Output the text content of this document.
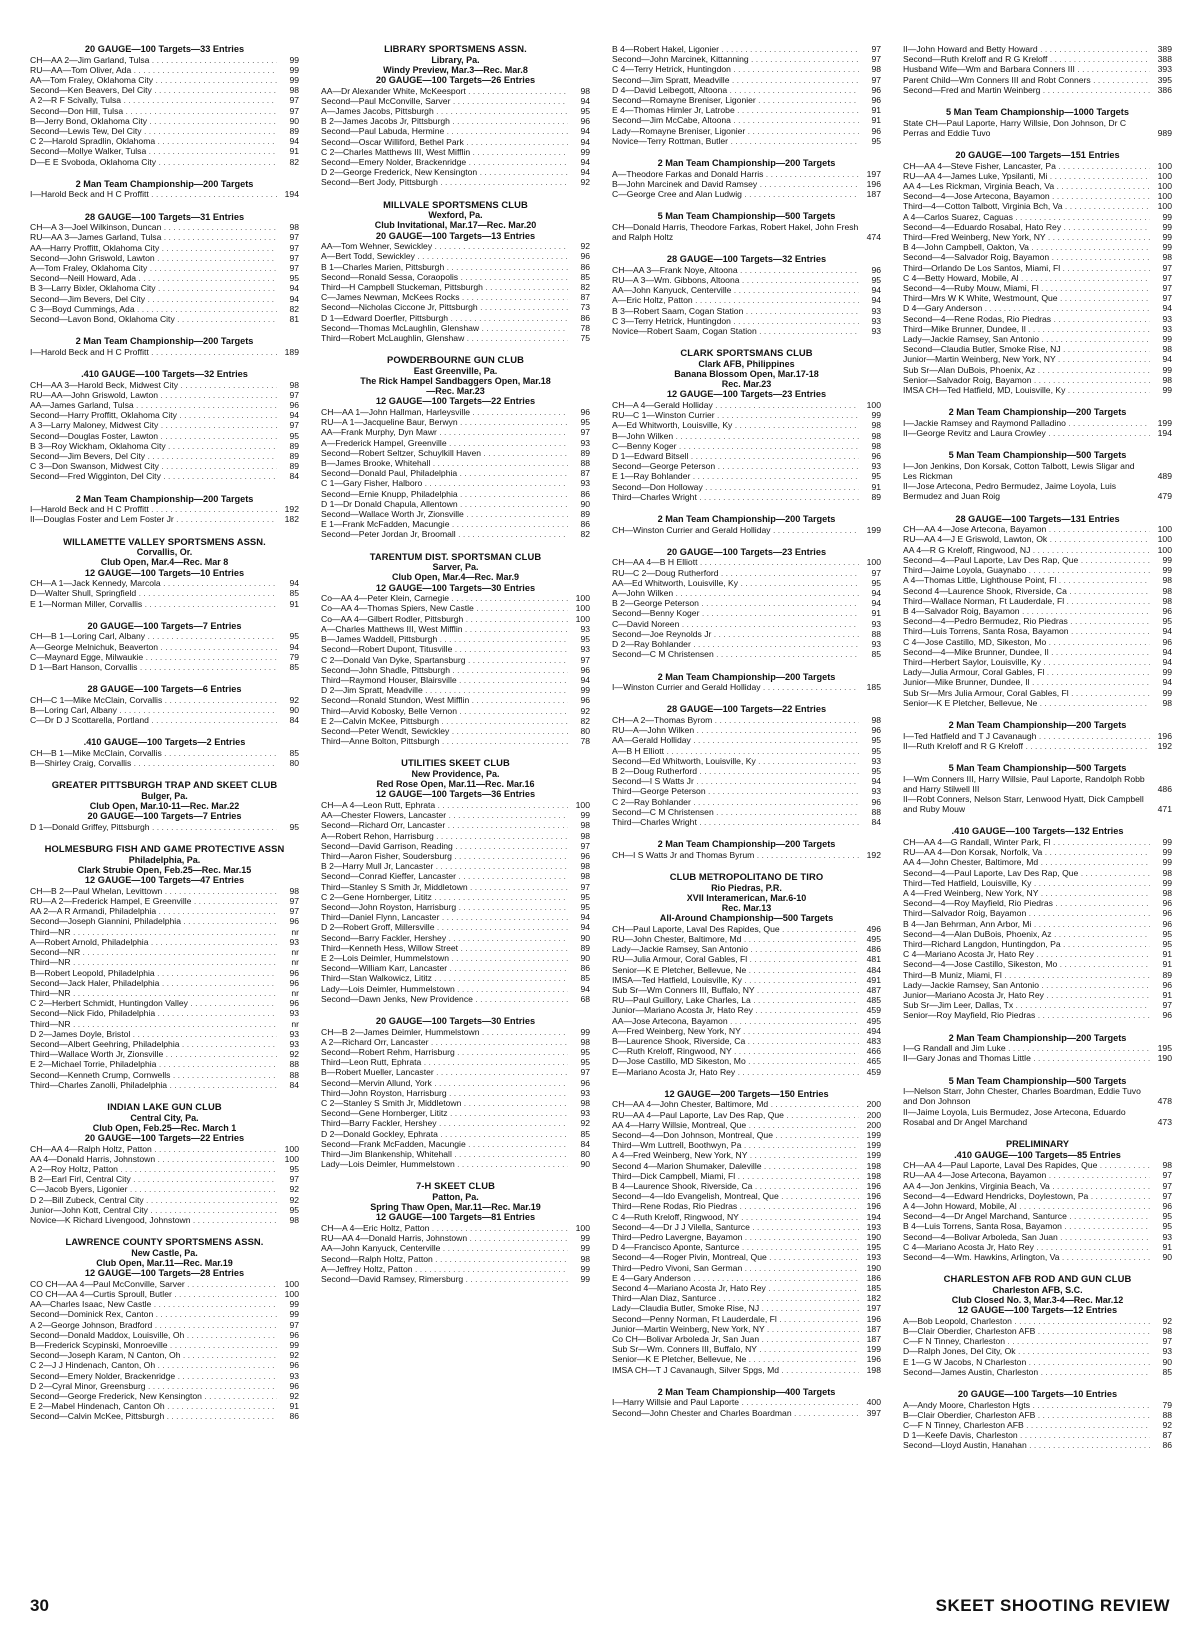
20 GAUGE—100 Targets—33 Entries
CH—AA 2—Jim Garland, Tulsa . . .	99
RU—AA—Tom Oliver, Ada . . .	99
AA—Tom Fraley, Oklahoma City . . .	99
Second—Ken Beavers, Del City . . .	98
A 2—R F Scivally, Tulsa . . .	97
Second—Don Hill, Tulsa . . .	97
B—Jerry Bond, Oklahoma City . . .	90
Second—Lewis Tew, Del City . . .	89
C 2—Harold Spradlin, Oklahoma . . .	94
Second—Mollye Walker, Tulsa . . .	91
D—E E Svoboda, Oklahoma City . . .	82
2 Man Team Championship—200 Targets
I—Harold Beck and H C Proffitt . . .	194
28 GAUGE—100 Targets—31 Entries
CH—A 3—Joel Wilkinson, Duncan . . .	98
RU—AA 3—James Garland, Tulsa . . .	97
AA—Harry Proffitt, Oklahoma City . . .	97
Second—John Griswold, Lawton . . .	97
A—Tom Fraley, Oklahoma City . . .	97
Second—Neill Howard, Ada . . .	95
B 3—Larry Bixler, Oklahoma City . . .	94
Second—Jim Bevers, Del City . . .	94
C 3—Boyd Cummings, Ada . . .	82
Second—Lavon Bond, Oklahoma City . . .	81
2 Man Team Championship—200 Targets
I—Harold Beck and H C Proffitt . . .	189
.410 GAUGE—100 Targets—32 Entries
CH—AA 3—Harold Beck, Midwest City . . .	98
RU—AA—John Griswold, Lawton . . .	97
AA—James Garland, Tulsa . . .	96
Second—Harry Proffitt, Oklahoma City . . .	94
A 3—Larry Maloney, Midwest City . . .	97
Second—Douglas Foster, Lawton . . .	95
B 3—Roy Wickham, Oklahoma City . . .	89
Second—Jim Bevers, Del City . . .	89
C 3—Don Swanson, Midwest City . . .	89
Second—Fred Wigginton, Del City . . .	84
2 Man Team Championship—200 Targets
I—Harold Beck and H C Proffitt . . .	192
II—Douglas Foster and Lem Foster Jr . . .	182
WILLAMETTE VALLEY SPORTSMENS ASSN.
Corvallis, Or.
Club Open, Mar.4—Rec. Mar 8
12 GAUGE—100 Targets—10 Entries
CH—A 1—Jack Kennedy, Marcola . . .	94
D—Walter Shull, Springfield . . .	85
E 1—Norman Miller, Corvallis . . .	91
20 GAUGE—100 Targets—7 Entries
CH—B 1—Loring Carl, Albany . . .	95
A—George Melnichuk, Beaverton . . .	94
C—Maynard Egge, Milwaukie . . .	79
D 1—Bart Hanson, Corvallis . . .	85
28 GAUGE—100 Targets—6 Entries
CH—C 1—Mike McClain, Corvallis . . .	92
B—Loring Carl, Albany . . .	90
C—Dr D J Scottarella, Portland . . .	84
.410 GAUGE—100 Targets—2 Entries
CH—B 1—Mike McClain, Corvallis . . .	85
B—Shirley Craig, Corvallis . . .	80
GREATER PITTSBURGH TRAP AND SKEET CLUB
Bulger, Pa.
Club Open, Mar.10-11—Rec. Mar.22
20 GAUGE—100 Targets—7 Entries
D 1—Donald Griffey, Pittsburgh . . .	95
HOLMESBURG FISH AND GAME PROTECTIVE ASSN
Philadelphia, Pa.
Clark Strubie Open, Feb.25—Rec. Mar.15
12 GAUGE—100 Targets—47 Entries
CH—B 2—Paul Whelan, Levittown . . .	98
RU—A 2—Frederick Hampel, E Greenville . . .	97
AA 2—A R Armandi, Philadelphia . . .	97
Second—Joseph Giannini, Philadelphia . . .	96
Third—NR . . .	nr
A—Robert Arnold, Philadelphia . . .	93
Second—NR . . .	nr
Third—NR . . .	nr
B—Robert Leopold, Philadelphia . . .	96
Second—Jack Haler, Philadelphia . . .	96
Third—NR . . .	nr
C 2—Herbert Schmidt, Huntingdon Valley . . .	96
Second—Nick Fido, Philadelphia . . .	93
Third—NR . . .	nr
D 2—James Doyle, Bristol . . .	93
Second—Albert Geehring, Philadelphia . . .	93
Third—Wallace Worth Jr, Zionsville . . .	92
E 2—Michael Torrie, Philadelphia . . .	88
Second—Kenneth Crump, Cornwells . . .	88
Third—Charles Zanolli, Philadelphia . . .	84
INDIAN LAKE GUN CLUB
Central City, Pa.
Club Open, Feb.25—Rec. March 1
20 GAUGE—100 Targets—22 Entries
CH—AA 4—Ralph Holtz, Patton . . .	100
AA 4—Donald Harris, Johnstown . . .	100
A 2—Roy Holtz, Patton . . .	95
B 2—Earl Firl, Central City . . .	97
C—Jacob Byers, Ligonier . . .	92
D 2—Bill Zubeck, Central City . . .	92
Junior—John Kott, Central City . . .	95
Novice—K Richard Livengood, Johnstown . . .	98
LAWRENCE COUNTY SPORTSMENS ASSN.
New Castle, Pa.
Club Open, Mar.11—Rec. Mar.19
12 GAUGE—100 Targets—28 Entries
CO CH—AA 4—Paul McConville, Sarver . . .	100
CO CH—AA 4—Curtis Sproull, Butler . . .	100
AA—Charles Isaac, New Castle . . .	99
Second—Dominick Rex, Canton . . .	99
A 2—George Johnson, Bradford . . .	97
Second—Donald Maddox, Louisville, Oh . . .	96
B—Frederick Scypinski, Monroeville . . .	99
Second—Joseph Karam, N Canton, Oh . . .	92
C 2—J J Hindenach, Canton, Oh . . .	96
Second—Emery Nolder, Brackenridge . . .	93
D 2—Cyral Minor, Greensburg . . .	96
Second—George Frederick, New Kensington . . .	92
E 2—Mabel Hindenach, Canton Oh . . .	91
Second—Calvin McKee, Pittsburgh . . .	86
LIBRARY SPORTSMENS ASSN.
Library, Pa.
Windy Preview, Mar.3—Rec. Mar.8
20 GAUGE—100 Targets—26 Entries
AA—Dr Alexander White, McKeesport . . .	98
Second—Paul McConville, Sarver . . .	94
A—James Jacobs, Pittsburgh . . .	95
B 2—James Jacobs Jr, Pittsburgh . . .	96
Second—Paul Labuda, Hermine . . .	94
Second—Oscar Williford, Bethel Park . . .	94
C 2—Charles Matthews III, West Mifflin . . .	99
Second—Emery Nolder, Brackenridge . . .	94
D 2—George Frederick, New Kensington . . .	94
Second—Bert Jody, Pittsburgh . . .	92
MILLVALE SPORTSMENS CLUB
Wexford, Pa.
Club Invitational, Mar.17—Rec. Mar.20
20 GAUGE—100 Targets—13 Entries
AA—Tom Wehner, Sewickley . . .	92
A—Bert Todd, Sewickley . . .	96
B 1—Charles Marien, Pittsburgh . . .	86
Second—Ronald Sessa, Coraopolis . . .	85
Third—H Campbell Stuckeman, Pittsburgh . . .	82
C—James Newman, McKees Rocks . . .	87
Second—Nicholas Ciccone Jr, Pittsburgh . . .	73
D 1—Edward Doerfler, Pittsburgh . . .	86
Second—Thomas McLaughlin, Glenshaw . . .	78
Third—Robert McLaughlin, Glenshaw . . .	75
POWDERBOURNE GUN CLUB
East Greenville, Pa.
The Rick Hampel Sandbaggers Open, Mar.18
—Rec. Mar.23
12 GAUGE—100 Targets—22 Entries
CH—AA 1—John Hallman, Harleysville . . .	96
RU—A 1—Jacqueline Baur, Berwyn . . .	95
AA—Frank Murphy, Dyn Mawr . . .	97
A—Frederick Hampel, Greenville . . .	93
Second—Robert Seltzer, Schuylkill Haven . . .	89
B—James Brooke, Whitehall . . .	88
Second—Donald Paul, Philadelphia . . .	87
C 1—Gary Fisher, Halboro . . .	93
Second—Ernie Knupp, Philadelphia . . .	86
D 1—Dr Donald Chapula, Allentown . . .	90
Second—Wallace Worth Jr, Zionsville . . .	89
E 1—Frank McFadden, Macungie . . .	86
Second—Peter Jordan Jr, Broomall . . .	82
TARENTUM DIST. SPORTSMAN CLUB
Sarver, Pa.
Club Open, Mar.4—Rec. Mar.9
12 GAUGE—100 Targets—30 Entries
Co—AA 4—Peter Klein, Carnegie . . .	100
Co—AA 4—Thomas Spiers, New Castle . . .	100
Co—AA 4—Gilbert Rodler, Pittsburgh . . .	100
A—Charles Matthews III, West Mifflin . . .	93
B—James Waddell, Pittsburgh . . .	95
Second—Robert Dupont, Titusville . . .	93
C 2—Donald Van Dyke, Spartansburg . . .	97
Second—John Shadle, Pittsburgh . . .	96
Third—Raymond Houser, Blairsville . . .	94
D 2—Jim Spratt, Meadville . . .	99
Second—Ronald Stundon, West Mifflin . . .	96
Third—Arvid Kobosky, Belle Vernon . . .	92
E 2—Calvin McKee, Pittsburgh . . .	82
Second—Peter Wendt, Sewickley . . .	80
Third—Anne Bolton, Pittsburgh . . .	78
UTILITIES SKEET CLUB
New Providence, Pa.
Red Rose Open, Mar.11—Rec. Mar.16
12 GAUGE—100 Targets—36 Entries
CH—A 4—Leon Rutt, Ephrata . . .	100
AA—Chester Flowers, Lancaster . . .	99
Second—Richard Orr, Lancaster . . .	98
A—Robert Rehon, Harrisburg . . .	98
Second—David Garrison, Reading . . .	97
Third—Aaron Fisher, Soudersburg . . .	96
B 2—Harry Mull Jr, Lancaster . . .	98
Second—Conrad Kieffer, Lancaster . . .	98
Third—Stanley S Smith Jr, Middletown . . .	97
C 2—Gene Hornberger, Lititz . . .	95
Second—John Royston, Harrisburg . . .	95
Third—Daniel Flynn, Lancaster . . .	94
D 2—Robert Groff, Millersville . . .	94
Second—Barry Fackler, Hershey . . .	90
Third—Kenneth Hess, Willow Street . . .	89
E 2—Lois Deimler, Hummelstown . . .	90
Second—William Karr, Lancaster . . .	86
Third—Stan Walkowicz, Lititz . . .	85
Lady—Lois Deimler, Hummelstown . . .	94
Second—Dawn Jenks, New Providence . . .	68
20 GAUGE—100 Targets—30 Entries
CH—B 2—James Deimler, Hummelstown . . .	99
A 2—Richard Orr, Lancaster . . .	98
Second—Robert Rehm, Harrisburg . . .	95
Third—Leon Rutt, Ephrata . . .	95
B—Robert Mueller, Lancaster . . .	97
Second—Mervin Allund, York . . .	96
Third—John Royston, Harrisburg . . .	93
C 2—Stanley S Smith Jr, Middletown . . .	98
Second—Gene Hornberger, Lititz . . .	93
Third—Barry Fackler, Hershey . . .	92
D 2—Donald Gockley, Ephrata . . .	85
Second—Frank McFadden, Macungie . . .	84
Third—Jim Blankenship, Whitehall . . .	80
Lady—Lois Deimler, Hummelstown . . .	90
7-H SKEET CLUB
Patton, Pa.
Spring Thaw Open, Mar.11—Rec. Mar.19
12 GAUGE—100 Targets—81 Entries
CH—A 4—Eric Holtz, Patton . . .	100
RU—AA 4—Donald Harris, Johnstown . . .	99
AA—John Kanyuck, Centerville . . .	99
Second—Ralph Holtz, Patton . . .	98
A—Jeffrey Holtz, Patton . . .	99
Second—David Ramsey, Rimersburg . . .	99
B 4—Robert Hakel, Ligonier . . .	97
Second—John Marcinek, Kittanning . . .	97
C 4—Terry Hetrick, Huntingdon . . .	98
Second—Jim Spratt, Meadville . . .	97
D 4—David Leibegott, Altoona . . .	96
Second—Romayne Breniser, Ligonier . . .	96
E 4—Thomas Himler Jr, Latrobe . . .	91
Second—Jim McCabe, Altoona . . .	91
Lady—Romayne Breniser, Ligonier . . .	96
Novice—Terry Rottman, Butler . . .	95
2 Man Team Championship—200 Targets
A—Theodore Farkas and Donald Harris . . .	197
B—John Marcinek and David Ramsey . . .	196
C—George Cree and Alan Ludwig . . .	187
5 Man Team Championship—500 Targets
CH—Donald Harris, Theodore Farkas, Robert Hakel, John Fresh and Ralph Holtz	474
28 GAUGE—100 Targets—32 Entries
CH—AA 3—Frank Noye, Altoona . . .	96
RU—A 3—Wm. Gibbons, Altoona . . .	95
AA—John Kanyuck, Centerville . . .	94
A—Eric Holtz, Patton . . .	94
B 3—Robert Saam, Cogan Station . . .	93
C 3—Terry Hetrick, Huntingdon . . .	93
Novice—Robert Saam, Cogan Station . . .	93
CLARK SPORTSMANS CLUB
Clark AFB, Philippines
Banana Blossom Open, Mar.17-18
Rec. Mar.23
12 GAUGE—100 Targets—23 Entries
CH—A 4—Gerald Holliday . . .	100
RU—C 1—Winston Currier . . .	99
A—Ed Whitworth, Louisville, Ky . . .	98
B—John Wilken . . .	98
C—Benny Koger . . .	98
D 1—Edward Bitsell . . .	96
Second—George Peterson . . .	93
E 1—Ray Bohlander . . .	95
Second—Don Holloway . . .	91
Third—Charles Wright . . .	89
2 Man Team Championship—200 Targets
CH—Winston Currier and Gerald Holliday . . .	199
20 GAUGE—100 Targets—23 Entries
CH—AA 4—B H Elliott . . .	100
RU—C 2—Doug Rutherford . . .	97
AA—Ed Whitworth, Louisville, Ky . . .	95
A—John Wilken . . .	94
B 2—George Peterson . . .	94
Second—Benny Koger . . .	91
C—David Noreen . . .	93
Second—Joe Reynolds Jr . . .	88
D 2—Ray Bohlander . . .	93
Second—C M Christensen . . .	85
2 Man Team Championship—200 Targets
I—Winston Currier and Gerald Holliday . . .	185
28 GAUGE—100 Targets—22 Entries
CH—A 2—Thomas Byrom . . .	98
RU—A—John Wilken . . .	96
AA—Gerald Holliday . . .	95
A—B H Elliott . . .	95
Second—Ed Whitworth, Louisville, Ky . . .	93
B 2—Doug Rutherford . . .	95
Second—I S Watts Jr . . .	94
Third—George Peterson . . .	93
C 2—Ray Bohlander . . .	96
Second—C M Christensen . . .	88
Third—Charles Wright . . .	84
2 Man Team Championship—200 Targets
CH—I S Watts Jr and Thomas Byrum . . .	192
CLUB METROPOLITANO DE TIRO
Rio Piedras, P.R.
XVII Interamerican, Mar.6-10
Rec. Mar.13
All-Around Championship—500 Targets
CH—Paul Laporte, Laval Des Rapides, Que . . .	496
RU—John Chester, Baltimore, Md . . .	495
Lady—Jackie Ramsey, San Antonio . . .	486
RU—Julia Armour, Coral Gables, Fl . . .	481
Senior—K E Pletcher, Bellevue, Ne . . .	484
IMSA—Ted Hatfield, Louisville, Ky . . .	491
Sub Sr—Wm Conners III, Buffalo, NY . . .	487
RU—Paul Guillory, Lake Charles, La . . .	485
Junior—Mariano Acosta Jr, Hato Rey . . .	459
AA—Jose Arteconа, Bayamon . . .	495
A—Fred Weinberg, New York, NY . . .	494
B—Laurence Shook, Riverside, Ca . . .	483
C—Ruth Kreloff, Ringwood, NY . . .	466
D—Jose Castillo, MD Sikeston, Mo . . .	465
E—Mariano Acosta Jr, Hato Rey . . .	459
12 GAUGE—200 Targets—150 Entries
CH—AA 4—John Chester, Baltimore, Md . . .	200
RU—AA 4—Paul Laporte, Lav Des Rap, Que . . .	200
AA 4—Harry Willsie, Montreal, Que . . .	200
Second—4—Don Johnson, Montreal, Que . . .	199
Third—Wm Luttrell, Boothwyn, Pa . . .	199
A 4—Fred Weinberg, New York, NY . . .	199
Second 4—Marion Shumaker, Daleville . . .	198
Third—Dick Campbell, Miami, Fl . . .	198
B 4—Laurence Shook, Riverside, Ca . . .	196
Second—4—Ido Evangelish, Montreal, Que . . .	196
Third—Rene Rodas, Rio Piedras . . .	196
C 4—Ruth Kreloff, Ringwood, NY . . .	194
Second—4—Dr J J Vilella, Santurce . . .	193
Third—Pedro Lavergne, Bayamon . . .	190
D 4—Francisco Aponte, Santurce . . .	195
Second—4—Roger Pivin, Montreal, Que . . .	193
Third—Pedro Vivoni, San German . . .	190
E 4—Gary Anderson . . .	186
Second 4—Mariano Acosta Jr, Hato Rey . . .	185
Third—Alan Diaz, Santurce . . .	182
Lady—Claudia Butler, Smoke Rise, NJ . . .	197
Second—Penny Norman, Ft Lauderdale, Fl . . .	196
Junior—Martin Weinberg, New York, NY . . .	187
Co CH—Bolivar Arboleda Jr, San Juan . . .	187
Sub Sr—Wm. Conners III, Buffalo, NY . . .	199
Senior—K E Pletcher, Bellevue, Ne . . .	196
IMSA CH—T J Cavanaugh, Silver Spgs, Md . . .	198
2 Man Team Championship—400 Targets
I—Harry Willsie and Paul Laporte . . .	400
Second—John Chester and Charles Boardman . . .	397
II—John Howard and Betty Howard . . .	389
Second—Ruth Kreloff and R G Kreloff . . .	388
Husband Wife—Wm and Barbara Conners III . . .	393
Parent Child—Wm Conners III and Robt Conners . . .	395
Second—Fred and Martin Weinberg . . .	386
5 Man Team Championship—1000 Targets
State CH—Paul Laporte, Harry Willsie, Don Johnson, Dr C Perras and Eddie Tuvo	989
20 GAUGE—100 Targets—151 Entries
CH—AA 4—Steve Fisher, Lancaster, Pa . . .	100
RU—AA 4—James Luke, Ypsilanti, Mi . . .	100
AA 4—Les Rickman, Virginia Beach, Va . . .	100
Second—4—Jose Arteconа, Bayamon . . .	100
Third—4—Cotton Talbott, Virginia Bch, Va . . .	100
A 4—Carlos Suarez, Caguas . . .	99
Second—4—Eduardo Rosabal, Hato Rey . . .	99
Third—Fred Weinberg, New York, NY . . .	99
B 4—John Campbell, Oakton, Va . . .	99
Second—4—Salvador Roig, Bayamon . . .	98
Third—Orlando De Los Santos, Miami, Fl . . .	97
C 4—Betty Howard, Mobile, Al . . .	97
Second—4—Ruby Mouw, Miami, Fl . . .	97
Third—Mrs W K White, Westmount, Que . . .	97
D 4—Gary Anderson . . .	94
Second—4—Rene Rodas, Rio Piedras . . .	93
Third—Mike Brunner, Dundee, Il . . .	93
Lady—Jackie Ramsey, San Antonio . . .	99
Second—Claudia Butler, Smoke Rise, NJ . . .	98
Junior—Martin Weinberg, New York, NY . . .	94
Sub Sr—Alan DuBois, Phoenix, Az . . .	99
Senior—Salvador Roig, Bayamon . . .	98
IMSA CH—Ted Hatfield, MD, Louisville, Ky . . .	99
2 Man Team Championship—200 Targets
I—Jackie Ramsey and Raymond Palladino . . .	199
II—George Revitz and Laura Crowley . . .	194
5 Man Team Championship—500 Targets
I—Jon Jenkins, Don Korsak, Cotton Talbott, Lewis Sligar and Les Rickman	489
II—Jose Arteconа, Pedro Bermudez, Jaime Loyola, Luis Bermudez and Juan Roig	479
28 GAUGE—100 Targets—131 Entries
CH—AA 4—Jose Arteconа, Bayamon . . .	100
RU—AA 4—J E Griswold, Lawton, Ok . . .	100
AA 4—R G Kreloff, Ringwood, NJ . . .	100
Second—4—Paul Laporte, Lav Des Rap, Que . . .	99
Third—Jaime Loyola, Guaynabo . . .	99
A 4—Thomas Little, Lighthouse Point, Fl . . .	98
Second 4—Laurence Shook, Riverside, Ca . . .	98
Third—Wallace Norman, Ft Lauderdale, Fl . . .	98
B 4—Salvador Roig, Bayamon . . .	96
Second—4—Pedro Bermudez, Rio Piedras . . .	95
Third—Luis Torrens, Santa Rosa, Bayamon . . .	94
C 4—Jose Castillo, MD, Sikeston, Mo . . .	96
Second—4—Mike Brunner, Dundee, Il . . .	94
Third—Herbert Saylor, Louisville, Ky . . .	94
Lady—Julia Armour, Coral Gables, Fl . . .	99
Junior—Mike Brunner, Dundee, Il . . .	94
Sub Sr—Mrs Julia Armour, Coral Gables, Fl . . .	99
Senior—K E Pletcher, Bellevue, Ne . . .	98
2 Man Team Championship—200 Targets
I—Ted Hatfield and T J Cavanaugh . . .	196
II—Ruth Kreloff and R G Kreloff . . .	192
5 Man Team Championship—500 Targets
I—Wm Conners III, Harry Willsie, Paul Laporte, Randolph Robb and Harry Stilwell III	486
II—Robt Conners, Nelson Starr, Lenwood Hyatt, Dick Campbell and Ruby Mouw	471
.410 GAUGE—100 Targets—132 Entries
CH—AA 4—G Randall, Winter Park, Fl . . .	99
RU—AA 4—Don Korsak, Norfolk, Va . . .	99
AA 4—John Chester, Baltimore, Md . . .	99
Second—4—Paul Laporte, Lav Des Rap, Que . . .	98
Third—Ted Hatfield, Louisville, Ky . . .	99
A 4—Fred Weinberg, New York, NY . . .	98
Second—4—Roy Mayfield, Rio Piedras . . .	96
Third—Salvador Roig, Bayamon . . .	96
B 4—Jan Behrman, Ann Arbor, Mi . . .	96
Second—4—Alan DuBois, Phoenix, Az . . .	95
Third—Richard Langdon, Huntingdon, Pa . . .	95
C 4—Mariano Acosta Jr, Hato Rey . . .	91
Second—4—Jose Castillo, Sikeston, Mo . . .	91
Third—B Muniz, Miami, Fl . . .	89
Lady—Jackie Ramsey, San Antonio . . .	96
Junior—Mariano Acosta Jr, Hato Rey . . .	91
Sub Sr—Jim Leer, Dallas, Tx . . .	97
Senior—Roy Mayfield, Rio Piedras . . .	96
2 Man Team Championship—200 Targets
I—G Randall and Jim Luke . . .	195
II—Gary Jonas and Thomas Little . . .	190
5 Man Team Championship—500 Targets
I—Nelson Starr, John Chester, Charles Boardman, Eddie Tuvo and Don Johnson	478
II—Jaime Loyola, Luis Bermudez, Jose Arteconа, Eduardo Rosabal and Dr Angel Marchand	473
PRELIMINARY
.410 GAUGE—100 Targets—85 Entries
CH—AA 4—Paul Laporte, Laval Des Rapides, Que . . .	98
RU—AA 4—Jose Arteconа, Bayamon . . .	97
AA 4—Jon Jenkins, Virginia Beach, Va . . .	97
Second—4—Edward Hendricks, Doylestown, Pa . . .	97
A 4—John Howard, Mobile, Al . . .	96
Second—4—Dr Angel Marchand, Santurce . . .	95
B 4—Luis Torrens, Santa Rosa, Bayamon . . .	95
Second—4—Bolivar Arboleda, San Juan . . .	93
C 4—Mariano Acosta Jr, Hato Rey . . .	91
Second—4—Wm. Hawkins, Arlington, Va . . .	90
CHARLESTON AFB ROD AND GUN CLUB
Charleston AFB, S.C.
Club Closed No. 3, Mar.3-4—Rec. Mar.12
12 GAUGE—100 Targets—12 Entries
A—Bob Leopold, Charleston . . .	92
B—Clair Oberdier, Charleston AFB . . .	98
C—F N Tinney, Charleston . . .	97
D—Ralph Jones, Del City, Ok . . .	93
E 1—G W Jacobs, N Charleston . . .	90
Second—James Austin, Charleston . . .	85
20 GAUGE—100 Targets—10 Entries
A—Andy Moore, Charleston Hgts . . .	79
B—Clair Oberdier, Charleston AFB . . .	88
C—F N Tinney, Charleston AFB . . .	92
D 1—Keefe Davis, Charleston . . .	87
Second—Lloyd Austin, Hanahan . . .	86
30	SKEET SHOOTING REVIEW
